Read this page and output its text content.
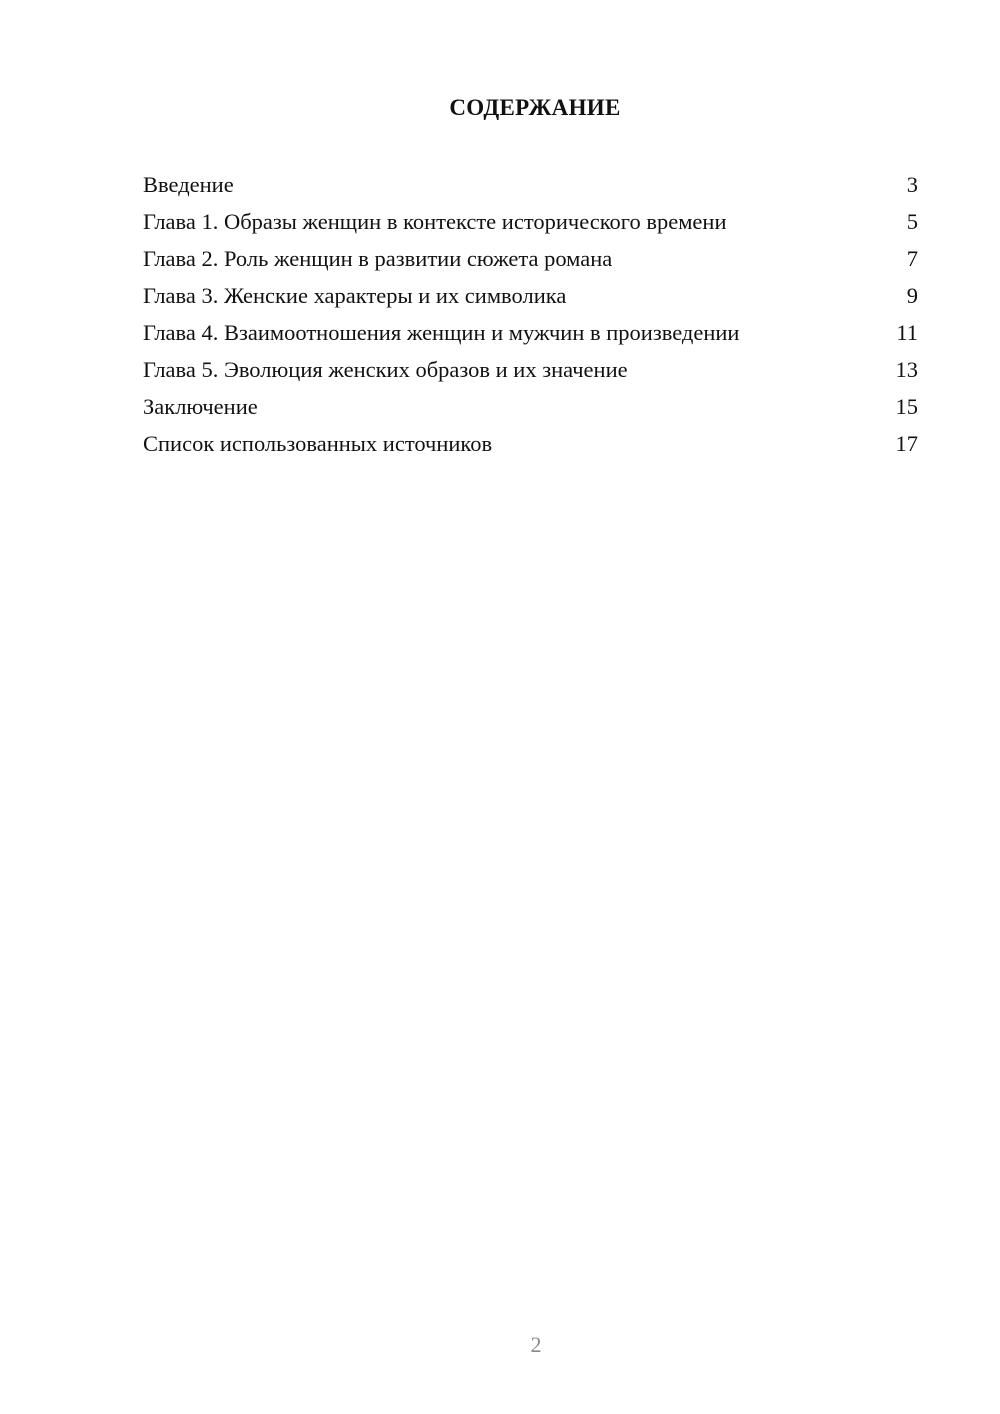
СОДЕРЖАНИЕ
Введение	3
Глава 1. Образы женщин в контексте исторического времени	5
Глава 2. Роль женщин в развитии сюжета романа	7
Глава 3. Женские характеры и их символика	9
Глава 4. Взаимоотношения женщин и мужчин в произведении	11
Глава 5. Эволюция женских образов и их значение	13
Заключение	15
Список использованных источников	17
2
